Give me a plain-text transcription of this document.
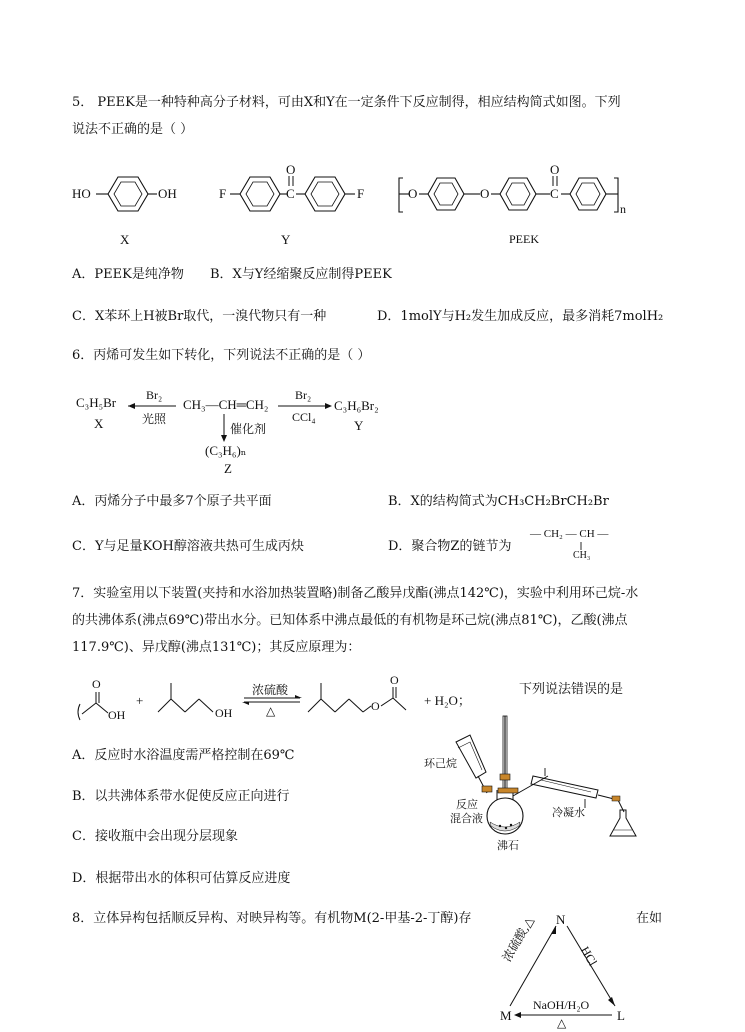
5． PEEK是一种特种高分子材料，可由X和Y在一定条件下反应制得，相应结构简式如图。下列
说法不正确的是（ ）
HO	OH
X
F	F
O
C
Y
O	O
O
C
n
PEEK
A．PEEK是纯净物 B．X与Y经缩聚反应制得PEEK
C．X苯环上H被Br取代，一溴代物只有一种	D．1molY与H₂发生加成反应，最多消耗7molH₂
6．丙烯可发生如下转化，下列说法不正确的是（ ）
C₃H₅Br
X
Br₂
光照
CH₃—CH═CH₂
Br₂
CCl₄
C₃H₆Br₂
Y
催化剂
(C₃H₆)ₙ
Z
A．丙烯分子中最多7个原子共平面	B．X的结构简式为CH₃CH₂BrCH₂Br
C．Y与足量KOH醇溶液共热可生成丙炔	D．聚合物Z的链节为
— CH₂ — CH —
CH₃
7．实验室用以下装置(夹持和水浴加热装置略)制备乙酸异戊酯(沸点142℃)，实验中利用环己烷-水
的共沸体系(沸点69℃)带出水分。已知体系中沸点最低的有机物是环己烷(沸点81℃)，乙酸(沸点
117.9℃)、异戊醇(沸点131℃)；其反应原理为：
O
OH
+
OH
浓硫酸
△
O
O	+ H₂O；
下列说法错误的是
环己烷
反应
混合液
沸石
冷凝水
A．反应时水浴温度需严格控制在69℃
B．以共沸体系带水促使反应正向进行
C．接收瓶中会出现分层现象
D．根据带出水的体积可估算反应进度
8．立体异构包括顺反异构、对映异构等。有机物M(2-甲基-2-丁醇)存	在如
N
M	L
浓硫酸,△	HCl
NaOH/H₂O
△
